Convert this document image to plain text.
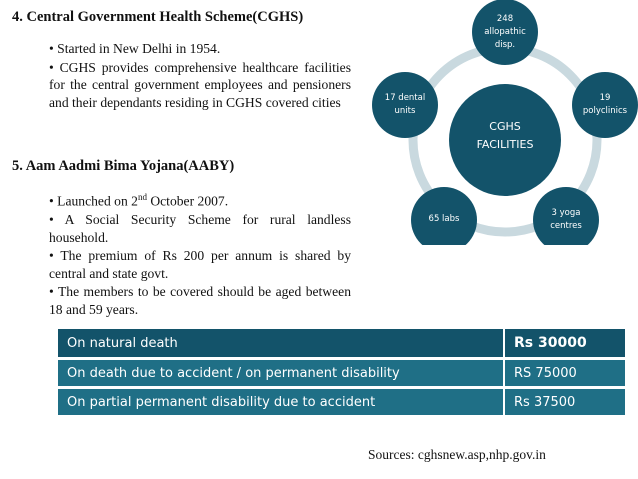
4. Central Government Health Scheme(CGHS)

• Started in New Delhi in 1954.

• CGHS provides comprehensive healthcare facilities for the central government employees and pensioners and their dependants residing in CGHS covered cities

CGHS
FACILITIES
248
allopathic
disp.
19
polyclinics
3 yoga
centres
65 labs
17 dental
units
5. Aam Aadmi Bima Yojana(AABY)

• Launched on 2nd October 2007.

• A Social Security Scheme for rural landless household.

• The premium of Rs 200 per annum is shared by central and state govt.

• The members to be covered should be aged between 18 and 59 years.

On natural death	Rs 30000
On death due to accident / on permanent disability	RS 75000
On partial permanent disability due to accident	Rs 37500
Sources: cghsnew.asp,nhp.gov.in
